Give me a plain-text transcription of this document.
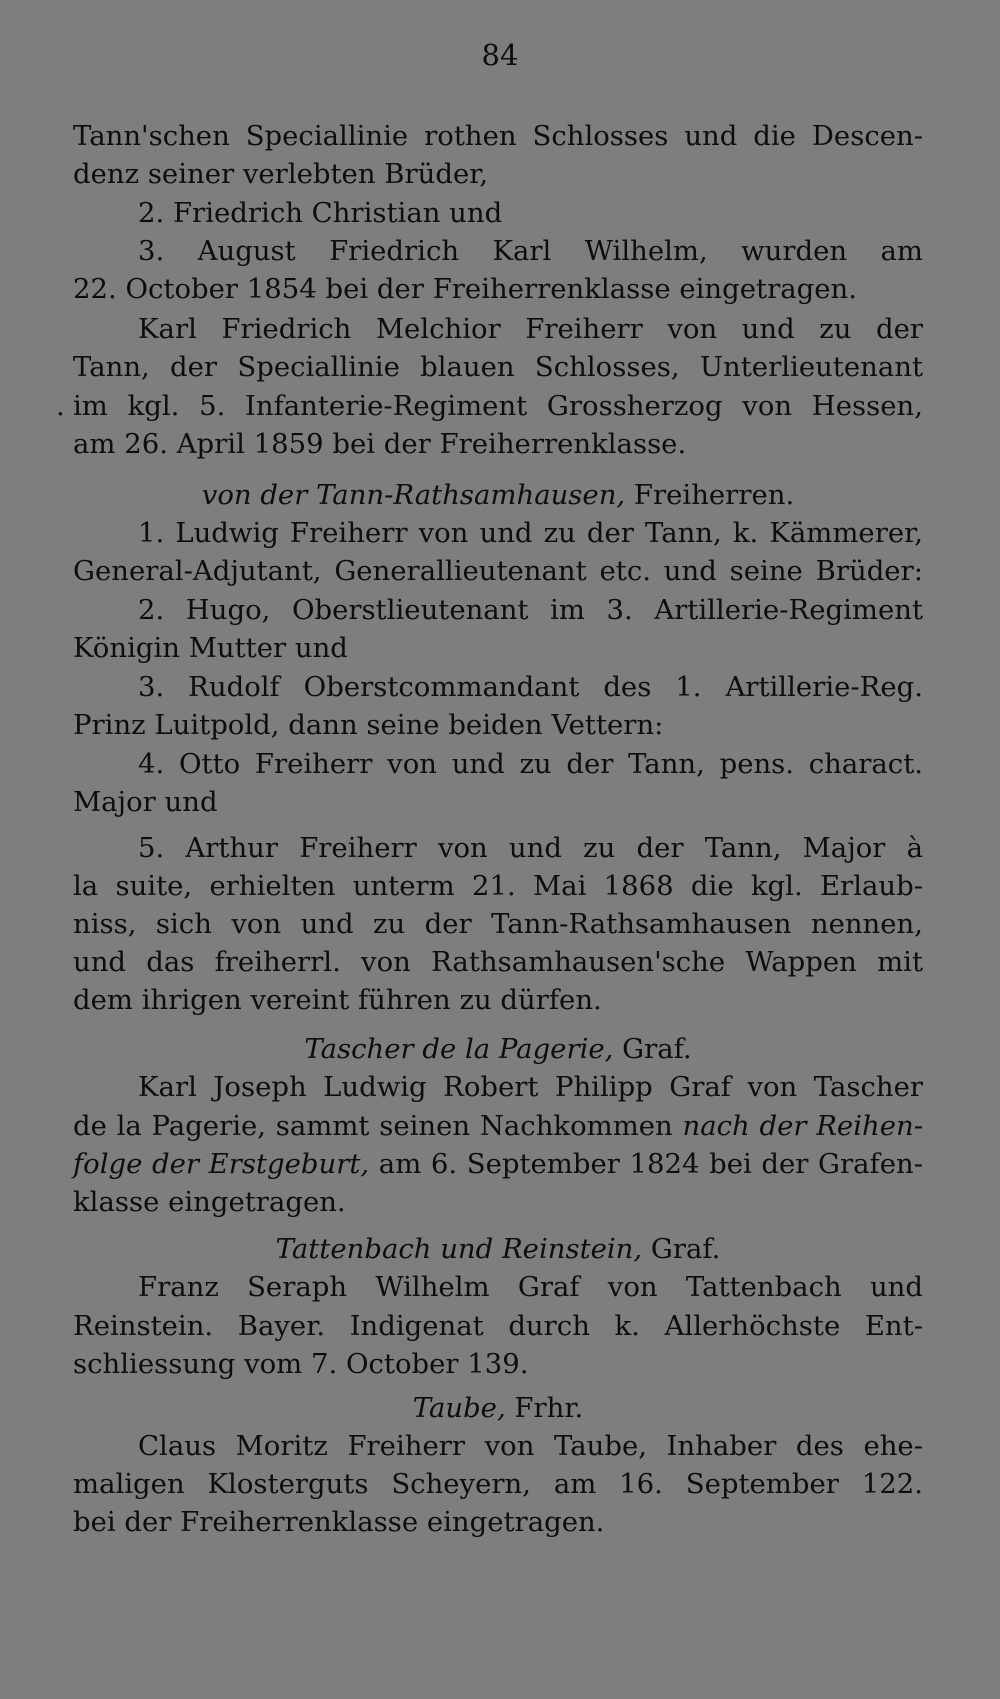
84
Tann'schen Speciallinie rothen Schlosses und die Descen-
denz seiner verlebten Brüder,
2. Friedrich Christian und
3. August Friedrich Karl Wilhelm, wurden am
22. October 1854 bei der Freiherrenklasse eingetragen.
Karl Friedrich Melchior Freiherr von und zu der
Tann, der Speciallinie blauen Schlosses, Unterlieutenant
. im kgl. 5. Infanterie-Regiment Grossherzog von Hessen,
am 26. April 1859 bei der Freiherrenklasse.
von der Tann-Rathsamhausen, Freiherren.
1. Ludwig Freiherr von und zu der Tann, k. Kämmerer,
General-Adjutant, Generallieutenant etc. und seine Brüder:
2. Hugo, Oberstlieutenant im 3. Artillerie-Regiment
Königin Mutter und
3. Rudolf Oberstcommandant des 1. Artillerie-Reg.
Prinz Luitpold, dann seine beiden Vettern:
4. Otto Freiherr von und zu der Tann, pens. charact.
Major und
5. Arthur Freiherr von und zu der Tann, Major à
la suite, erhielten unterm 21. Mai 1868 die kgl. Erlaub-
niss, sich von und zu der Tann-Rathsamhausen nennen,
und das freiherrl. von Rathsamhausen'sche Wappen mit
dem ihrigen vereint führen zu dürfen.
Tascher de la Pagerie, Graf.
Karl Joseph Ludwig Robert Philipp Graf von Tascher
de la Pagerie, sammt seinen Nachkommen nach der Reihen-
folge der Erstgeburt, am 6. September 1824 bei der Grafen-
klasse eingetragen.
Tattenbach und Reinstein, Graf.
Franz Seraph Wilhelm Graf von Tattenbach und
Reinstein. Bayer. Indigenat durch k. Allerhöchste Ent-
schliessung vom 7. October 139.
Taube, Frhr.
Claus Moritz Freiherr von Taube, Inhaber des ehe-
maligen Klosterguts Scheyern, am 16. September 122.
bei der Freiherrenklasse eingetragen.
